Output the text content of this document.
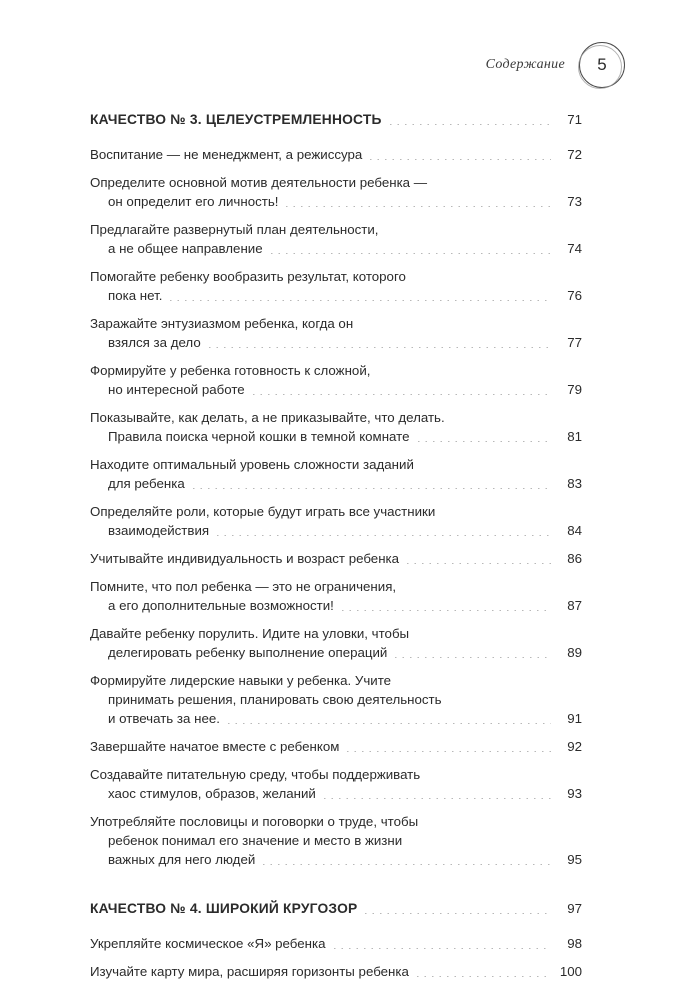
Содержание 5
КАЧЕСТВО № 3. ЦЕЛЕУСТРЕМЛЕННОСТЬ	71
Воспитание — не менеджмент, а режиссура	72
Определите основной мотив деятельности ребенка —
он определит его личность!	73
Предлагайте развернутый план деятельности,
а не общее направление	74
Помогайте ребенку вообразить результат, которого
пока нет.	76
Заражайте энтузиазмом ребенка, когда он
взялся за дело	77
Формируйте у ребенка готовность к сложной,
но интересной работе	79
Показывайте, как делать, а не приказывайте, что делать.
Правила поиска черной кошки в темной комнате	81
Находите оптимальный уровень сложности заданий
для ребенка	83
Определяйте роли, которые будут играть все участники
взаимодействия	84
Учитывайте индивидуальность и возраст ребенка	86
Помните, что пол ребенка — это не ограничения,
а его дополнительные возможности!	87
Давайте ребенку порулить. Идите на уловки, чтобы
делегировать ребенку выполнение операций	89
Формируйте лидерские навыки у ребенка. Учите
принимать решения, планировать свою деятельность
и отвечать за нее.	91
Завершайте начатое вместе с ребенком	92
Создавайте питательную среду, чтобы поддерживать
хаос стимулов, образов, желаний	93
Употребляйте пословицы и поговорки о труде, чтобы
ребенок понимал его значение и место в жизни
важных для него людей	95
КАЧЕСТВО № 4. ШИРОКИЙ КРУГОЗОР	97
Укрепляйте космическое «Я» ребенка	98
Изучайте карту мира, расширяя горизонты ребенка	100
